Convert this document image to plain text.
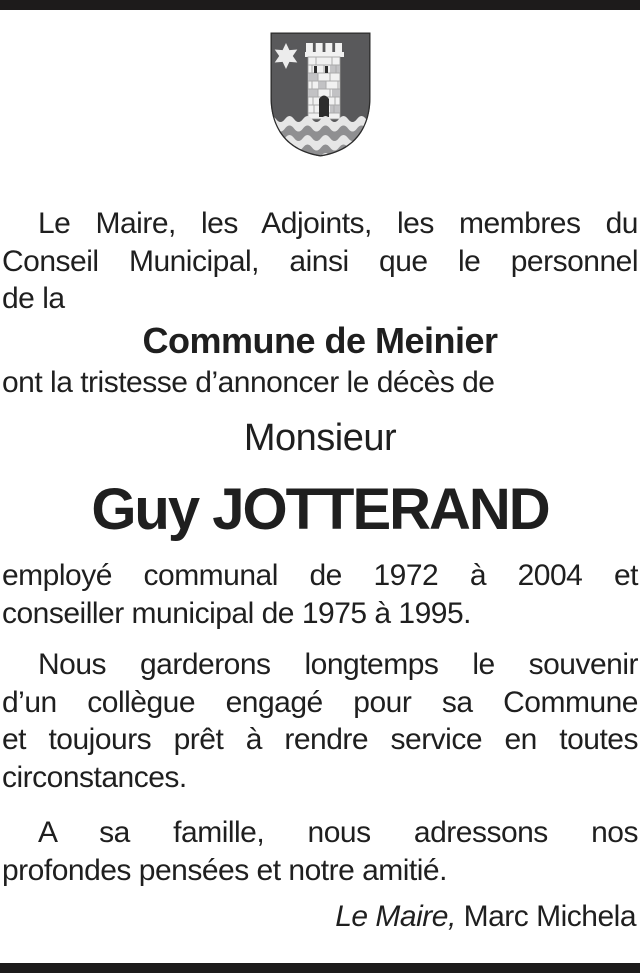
Le Maire, les Adjoints, les membres du
Conseil Municipal, ainsi que le personnel
de la
Commune de Meinier
ont la tristesse d’annoncer le décès de
Monsieur
Guy JOTTERAND
employé communal de 1972 à 2004 et
conseiller municipal de 1975 à 1995.
Nous garderons longtemps le souvenir
d’un collègue engagé pour sa Commune
et toujours prêt à rendre service en toutes
circonstances.
A sa famille, nous adressons nos
profondes pensées et notre amitié.
Le Maire, Marc Michela
